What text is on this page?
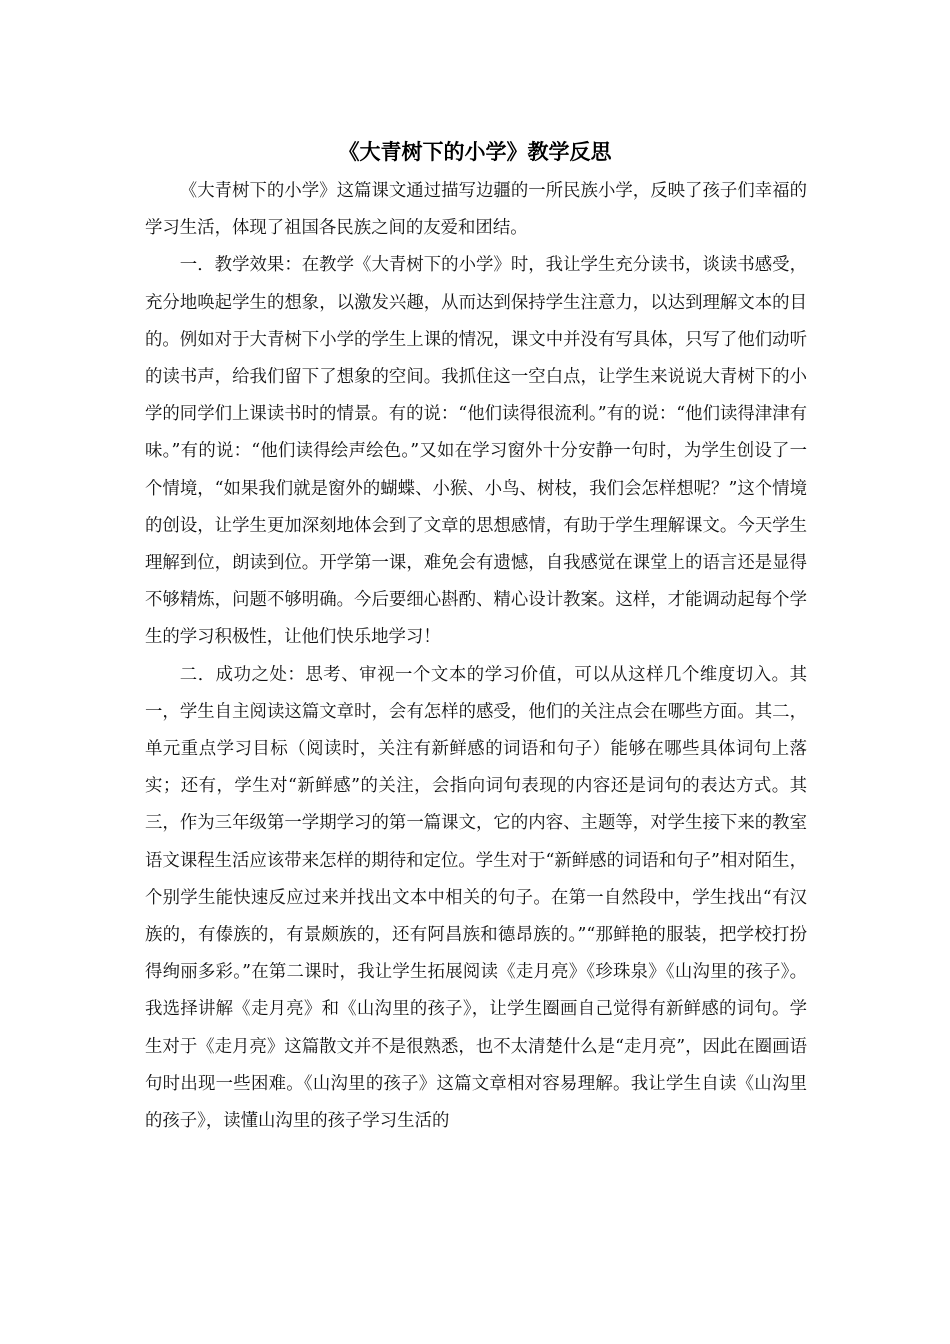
《大青树下的小学》教学反思

《大青树下的小学》这篇课文通过描写边疆的一所民族小学，反映了孩子们幸福的学习生活，体现了祖国各民族之间的友爱和团结。

一．教学效果：在教学《大青树下的小学》时，我让学生充分读书，谈读书感受，充分地唤起学生的想象，以激发兴趣，从而达到保持学生注意力，以达到理解文本的目的。例如对于大青树下小学的学生上课的情况，课文中并没有写具体，只写了他们动听的读书声，给我们留下了想象的空间。我抓住这一空白点，让学生来说说大青树下的小学的同学们上课读书时的情景。有的说：“他们读得很流利。”有的说：“他们读得津津有味。”有的说：“他们读得绘声绘色。”又如在学习窗外十分安静一句时，为学生创设了一个情境，“如果我们就是窗外的蝴蝶、小猴、小鸟、树枝，我们会怎样想呢？”这个情境的创设，让学生更加深刻地体会到了文章的思想感情，有助于学生理解课文。今天学生理解到位，朗读到位。开学第一课，难免会有遗憾，自我感觉在课堂上的语言还是显得不够精炼，问题不够明确。今后要细心斟酌、精心设计教案。这样，才能调动起每个学生的学习积极性，让他们快乐地学习！

二．成功之处：思考、审视一个文本的学习价值，可以从这样几个维度切入。其一，学生自主阅读这篇文章时，会有怎样的感受，他们的关注点会在哪些方面。其二，单元重点学习目标（阅读时，关注有新鲜感的词语和句子）能够在哪些具体词句上落实；还有，学生对“新鲜感”的关注，会指向词句表现的内容还是词句的表达方式。其三，作为三年级第一学期学习的第一篇课文，它的内容、主题等，对学生接下来的教室语文课程生活应该带来怎样的期待和定位。学生对于“新鲜感的词语和句子”相对陌生，个别学生能快速反应过来并找出文本中相关的句子。在第一自然段中，学生找出“有汉族的，有傣族的，有景颇族的，还有阿昌族和德昂族的。”“那鲜艳的服装，把学校打扮得绚丽多彩。”在第二课时，我让学生拓展阅读《走月亮》《珍珠泉》《山沟里的孩子》。我选择讲解《走月亮》和《山沟里的孩子》，让学生圈画自己觉得有新鲜感的词句。学生对于《走月亮》这篇散文并不是很熟悉，也不太清楚什么是“走月亮”，因此在圈画语句时出现一些困难。《山沟里的孩子》这篇文章相对容易理解。我让学生自读《山沟里的孩子》，读懂山沟里的孩子学习生活的
